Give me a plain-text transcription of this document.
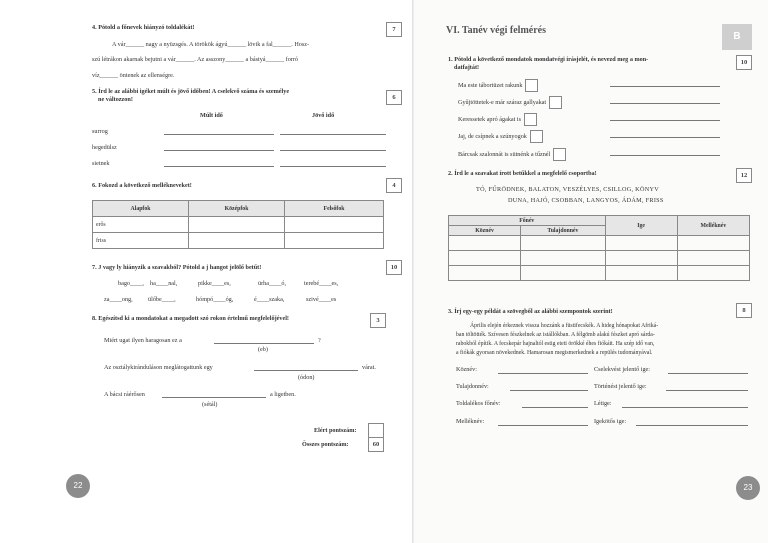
4. Pótold a főnevek hiányzó toldalékát!	7
A vár______ nagy a nyüzsgés. A törökök ágyú______ lövik a fal______. Hosz-
szú létrákon akarnak bejutni a vár______. Az asszony______ a bástyá______ forró
víz______ öntenek az ellenségre.
5. Írd le az alábbi igéket múlt és jövő időben! A cselekvő száma és személye
ne változzon!	6
Múlt idő	Jövő idő
surrog
hegedülsz
sietnek
6. Fokozd a következő mellékneveket!	4
Alapfok	Középfok	Felsőfok
erős		
friss		
7. J vagy ly hiányzik a szavakból? Pótold a j hangot jelölő betűt!	10
bago____, ha____nal,	pikke____es,	ürha____ó,	terebé____es,
za____ong, ülőbe____,	hómpó____óg,	é____szaka,	szivé____es
8. Egészítsd ki a mondatokat a megadott szó rokon értelmű megfelelőjével!	3
Miért ugat ilyen haragosan ez a	?
(eb)
Az osztálykiránduláson meglátogattunk egy	várat.
(ódon)
A bácsi ráérősen	a ligetben.
(sétál)
Elért pontszám:
Összes pontszám:	60
22
VI. Tanév végi felmérés
B
1. Pótold a következő mondatok mondatvégi írásjelét, és nevezd meg a mon-
datfajtát!
10
Ma este tábortüzet rakunk
Gyűjtöttetek-e már száraz gallyakat
Keressetek apró ágakat is
Jaj, de csípnek a szúnyogok
Bárcsak szalonnát is sütnénk a tűznél
2. Írd le a szavakat írott betűkkel a megfelelő csoportba!	12
TÓ, FŰRÖDNEK, BALATON, VESZÉLYES, CSILLOG, KÖNYV
DUNA, HAJÓ, CSOBBAN, LANGYOS, ÁDÁM, FRISS
Főnév		Ige	Melléknév
Köznév	Tulajdonnév		

3. Írj egy-egy példát a szövegből az alábbi szempontok szerint!	8
Április elején érkeznek vissza hozzánk a füstifecskék. A hideg hónapokat Afriká-
ban töltötték. Szívesen fészkelnek az istállókban. A félgömb alakú fészket apró sárda-
rabokból építik. A fecskepár hajnaltól estig eteti örökké éhes fiókáit. Ha szép idő van,
a fiókák gyorsan növekednek. Hamarosan megismerkednek a repülés tudományával.
Köznév:	Cselekvést jelentő ige:
Tulajdonnév:	Történést jelentő ige:
Toldalékos főnév:	Létige:
Melléknév:	Igekötős ige:
23
